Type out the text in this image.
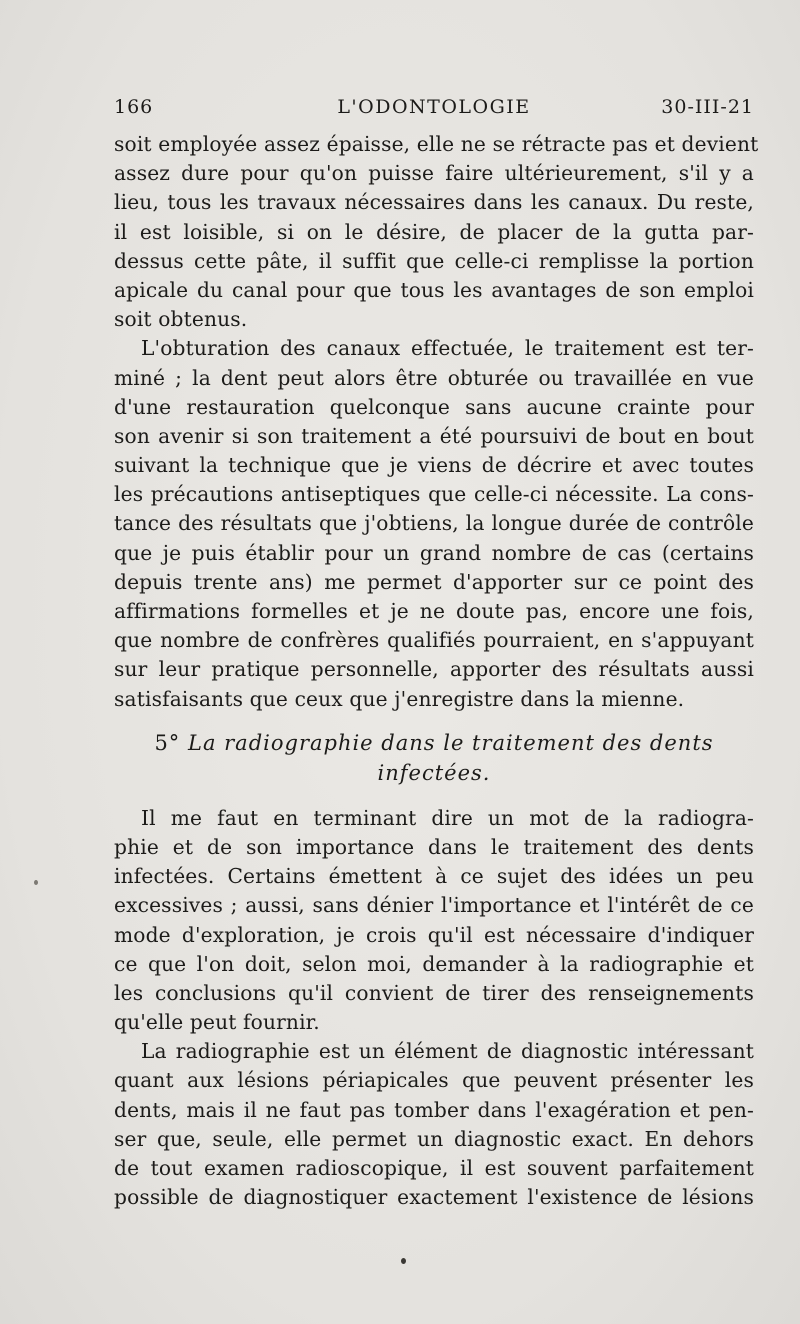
166	L'ODONTOLOGIE	30-III-21
soit employée assez épaisse, elle ne se rétracte pas et devient
assez dure pour qu'on puisse faire ultérieurement, s'il y a
lieu, tous les travaux nécessaires dans les canaux. Du reste,
il est loisible, si on le désire, de placer de la gutta par-
dessus cette pâte, il suffit que celle-ci remplisse la portion
apicale du canal pour que tous les avantages de son emploi
soit obtenus.
L'obturation des canaux effectuée, le traitement est ter-
miné ; la dent peut alors être obturée ou travaillée en vue
d'une restauration quelconque sans aucune crainte pour
son avenir si son traitement a été poursuivi de bout en bout
suivant la technique que je viens de décrire et avec toutes
les précautions antiseptiques que celle-ci nécessite. La cons-
tance des résultats que j'obtiens, la longue durée de contrôle
que je puis établir pour un grand nombre de cas (certains
depuis trente ans) me permet d'apporter sur ce point des
affirmations formelles et je ne doute pas, encore une fois,
que nombre de confrères qualifiés pourraient, en s'appuyant
sur leur pratique personnelle, apporter des résultats aussi
satisfaisants que ceux que j'enregistre dans la mienne.
5° La radiographie dans le traitement des dents
infectées.
Il me faut en terminant dire un mot de la radiogra-
phie et de son importance dans le traitement des dents
infectées. Certains émettent à ce sujet des idées un peu
excessives ; aussi, sans dénier l'importance et l'intérêt de ce
mode d'exploration, je crois qu'il est nécessaire d'indiquer
ce que l'on doit, selon moi, demander à la radiographie et
les conclusions qu'il convient de tirer des renseignements
qu'elle peut fournir.
La radiographie est un élément de diagnostic intéressant
quant aux lésions périapicales que peuvent présenter les
dents, mais il ne faut pas tomber dans l'exagération et pen-
ser que, seule, elle permet un diagnostic exact. En dehors
de tout examen radioscopique, il est souvent parfaitement
possible de diagnostiquer exactement l'existence de lésions
